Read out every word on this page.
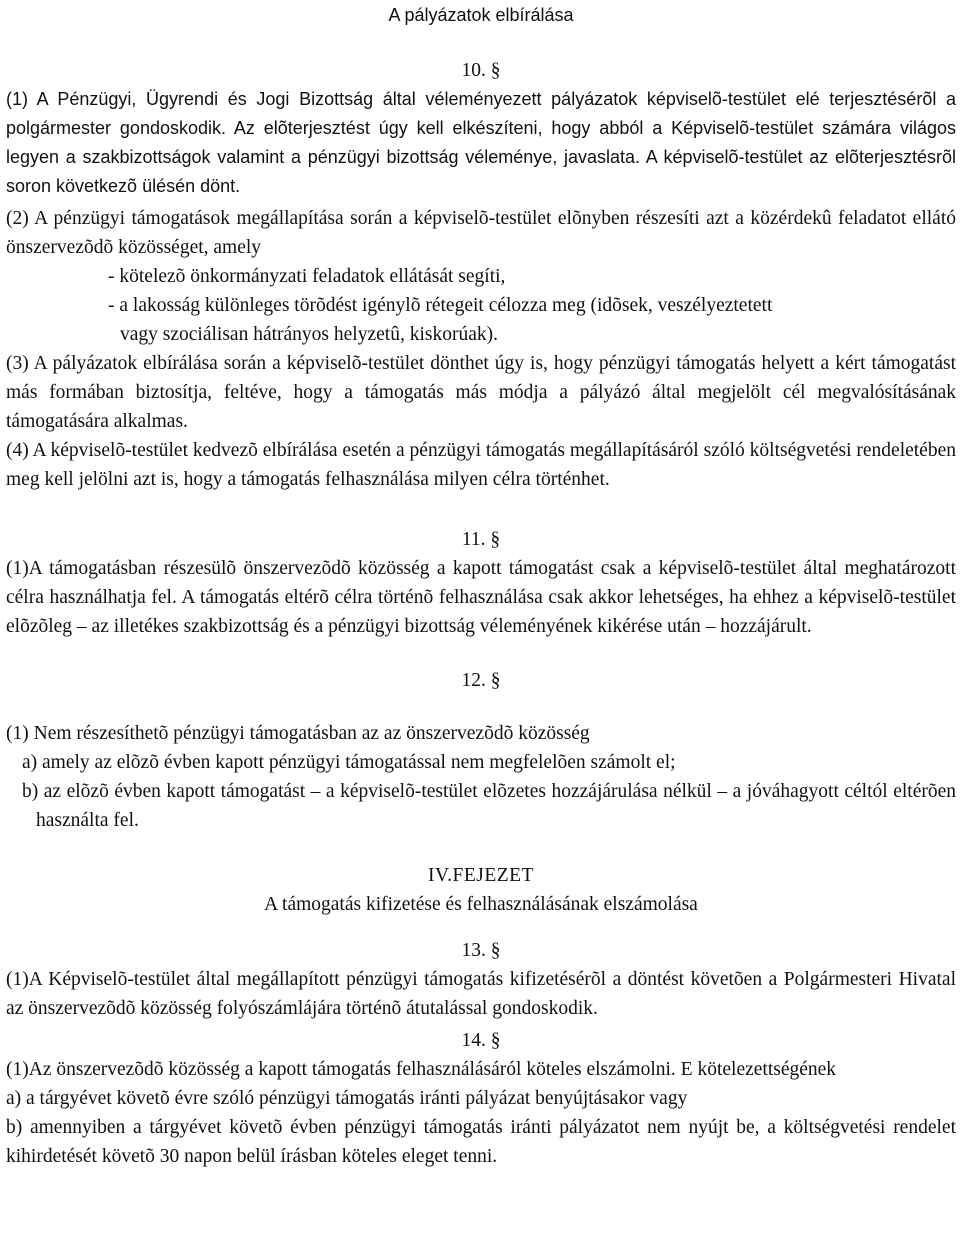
A pályázatok elbírálása

10. §

(1) A Pénzügyi, Ügyrendi és Jogi Bizottság által véleményezett pályázatok képviselõ-testület elé terjesztésérõl a polgármester gondoskodik. Az elõterjesztést úgy kell elkészíteni, hogy abból a Képviselõ-testület számára világos legyen a szakbizottságok valamint a pénzügyi bizottság véleménye, javaslata. A képviselõ-testület az elõterjesztésrõl soron következõ ülésén dönt.

(2) A pénzügyi támogatások megállapítása során a képviselõ-testület elõnyben részesíti azt a közérdekû feladatot ellátó önszervezõdõ közösséget, amely

- kötelezõ önkormányzati feladatok ellátását segíti,

- a lakosság különleges törõdést igénylõ rétegeit célozza meg (idõsek, veszélyeztetett

vagy szociálisan hátrányos helyzetû, kiskorúak).

(3) A pályázatok elbírálása során a képviselõ-testület dönthet úgy is, hogy pénzügyi támogatás helyett a kért támogatást más formában biztosítja, feltéve, hogy a támogatás más módja a pályázó által megjelölt cél megvalósításának támogatására alkalmas.

(4) A képviselõ-testület kedvezõ elbírálása esetén a pénzügyi támogatás megállapításáról szóló költségvetési rendeletében meg kell jelölni azt is, hogy a támogatás felhasználása milyen célra történhet.

11. §

(1)A támogatásban részesülõ önszervezõdõ közösség a kapott támogatást csak a képviselõ-testület által meghatározott célra használhatja fel. A támogatás eltérõ célra történõ felhasználása csak akkor lehetséges, ha ehhez a képviselõ-testület elõzõleg – az illetékes szakbizottság és a pénzügyi bizottság véleményének kikérése után – hozzájárult.

12. §

(1) Nem részesíthetõ pénzügyi támogatásban az az önszervezõdõ közösség

a) amely az elõzõ évben kapott pénzügyi támogatással nem megfelelõen számolt el;

b) az elõzõ évben kapott támogatást – a képviselõ-testület elõzetes hozzájárulása nélkül – a jóváhagyott céltól eltérõen használta fel.

IV.FEJEZET

A támogatás kifizetése és felhasználásának elszámolása

13. §

(1)A Képviselõ-testület által megállapított pénzügyi támogatás kifizetésérõl a döntést követõen a Polgármesteri Hivatal az önszervezõdõ közösség folyószámlájára történõ átutalással gondoskodik.

14. §

(1)Az önszervezõdõ közösség a kapott támogatás felhasználásáról köteles elszámolni. E kötelezettségének

a) a tárgyévet követõ évre szóló pénzügyi támogatás iránti pályázat benyújtásakor vagy

b) amennyiben a tárgyévet követõ évben pénzügyi támogatás iránti pályázatot nem nyújt be, a költségvetési rendelet kihirdetését követõ 30 napon belül írásban köteles eleget tenni.
